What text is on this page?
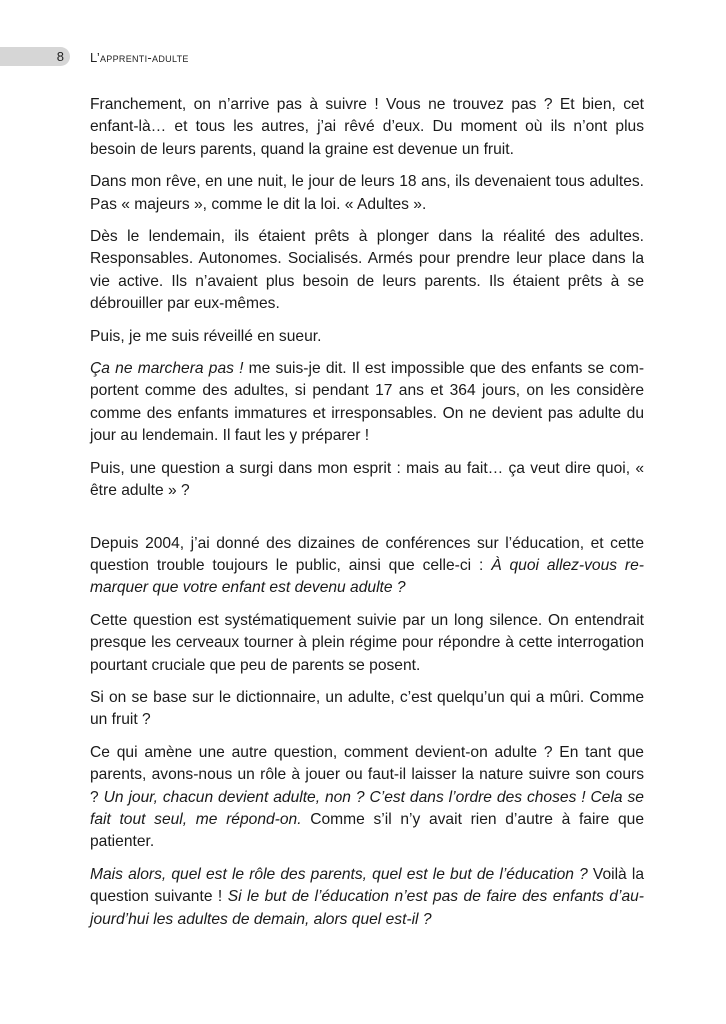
8 L’apprenti-adulte

Franchement, on n’arrive pas à suivre ! Vous ne trouvez pas ? Et bien, cet enfant-là… et tous les autres, j’ai rêvé d’eux. Du moment où ils n’ont plus besoin de leurs parents, quand la graine est devenue un fruit.

Dans mon rêve, en une nuit, le jour de leurs 18 ans, ils devenaient tous adultes. Pas « majeurs », comme le dit la loi. « Adultes ».

Dès le lendemain, ils étaient prêts à plonger dans la réalité des adultes. Responsables. Autonomes. Socialisés. Armés pour prendre leur place dans la vie active. Ils n’avaient plus besoin de leurs parents. Ils étaient prêts à se débrouiller par eux-mêmes.

Puis, je me suis réveillé en sueur.

Ça ne marchera pas ! me suis-je dit. Il est impossible que des enfants se comportent comme des adultes, si pendant 17 ans et 364 jours, on les considère comme des enfants immatures et irresponsables. On ne devient pas adulte du jour au lendemain. Il faut les y préparer !

Puis, une question a surgi dans mon esprit : mais au fait… ça veut dire quoi, « être adulte » ?

Depuis 2004, j’ai donné des dizaines de conférences sur l’éducation, et cette question trouble toujours le public, ainsi que celle-ci : À quoi allez-vous remarquer que votre enfant est devenu adulte ?

Cette question est systématiquement suivie par un long silence. On entendrait presque les cerveaux tourner à plein régime pour répondre à cette interrogation pourtant cruciale que peu de parents se posent.

Si on se base sur le dictionnaire, un adulte, c’est quelqu’un qui a mûri. Comme un fruit ?

Ce qui amène une autre question, comment devient-on adulte ? En tant que parents, avons-nous un rôle à jouer ou faut-il laisser la nature suivre son cours ? Un jour, chacun devient adulte, non ? C’est dans l’ordre des choses ! Cela se fait tout seul, me répond-on. Comme s’il n’y avait rien d’autre à faire que patienter.

Mais alors, quel est le rôle des parents, quel est le but de l’éducation ? Voilà la question suivante ! Si le but de l’éducation n’est pas de faire des enfants d’aujourd’hui les adultes de demain, alors quel est-il ?
